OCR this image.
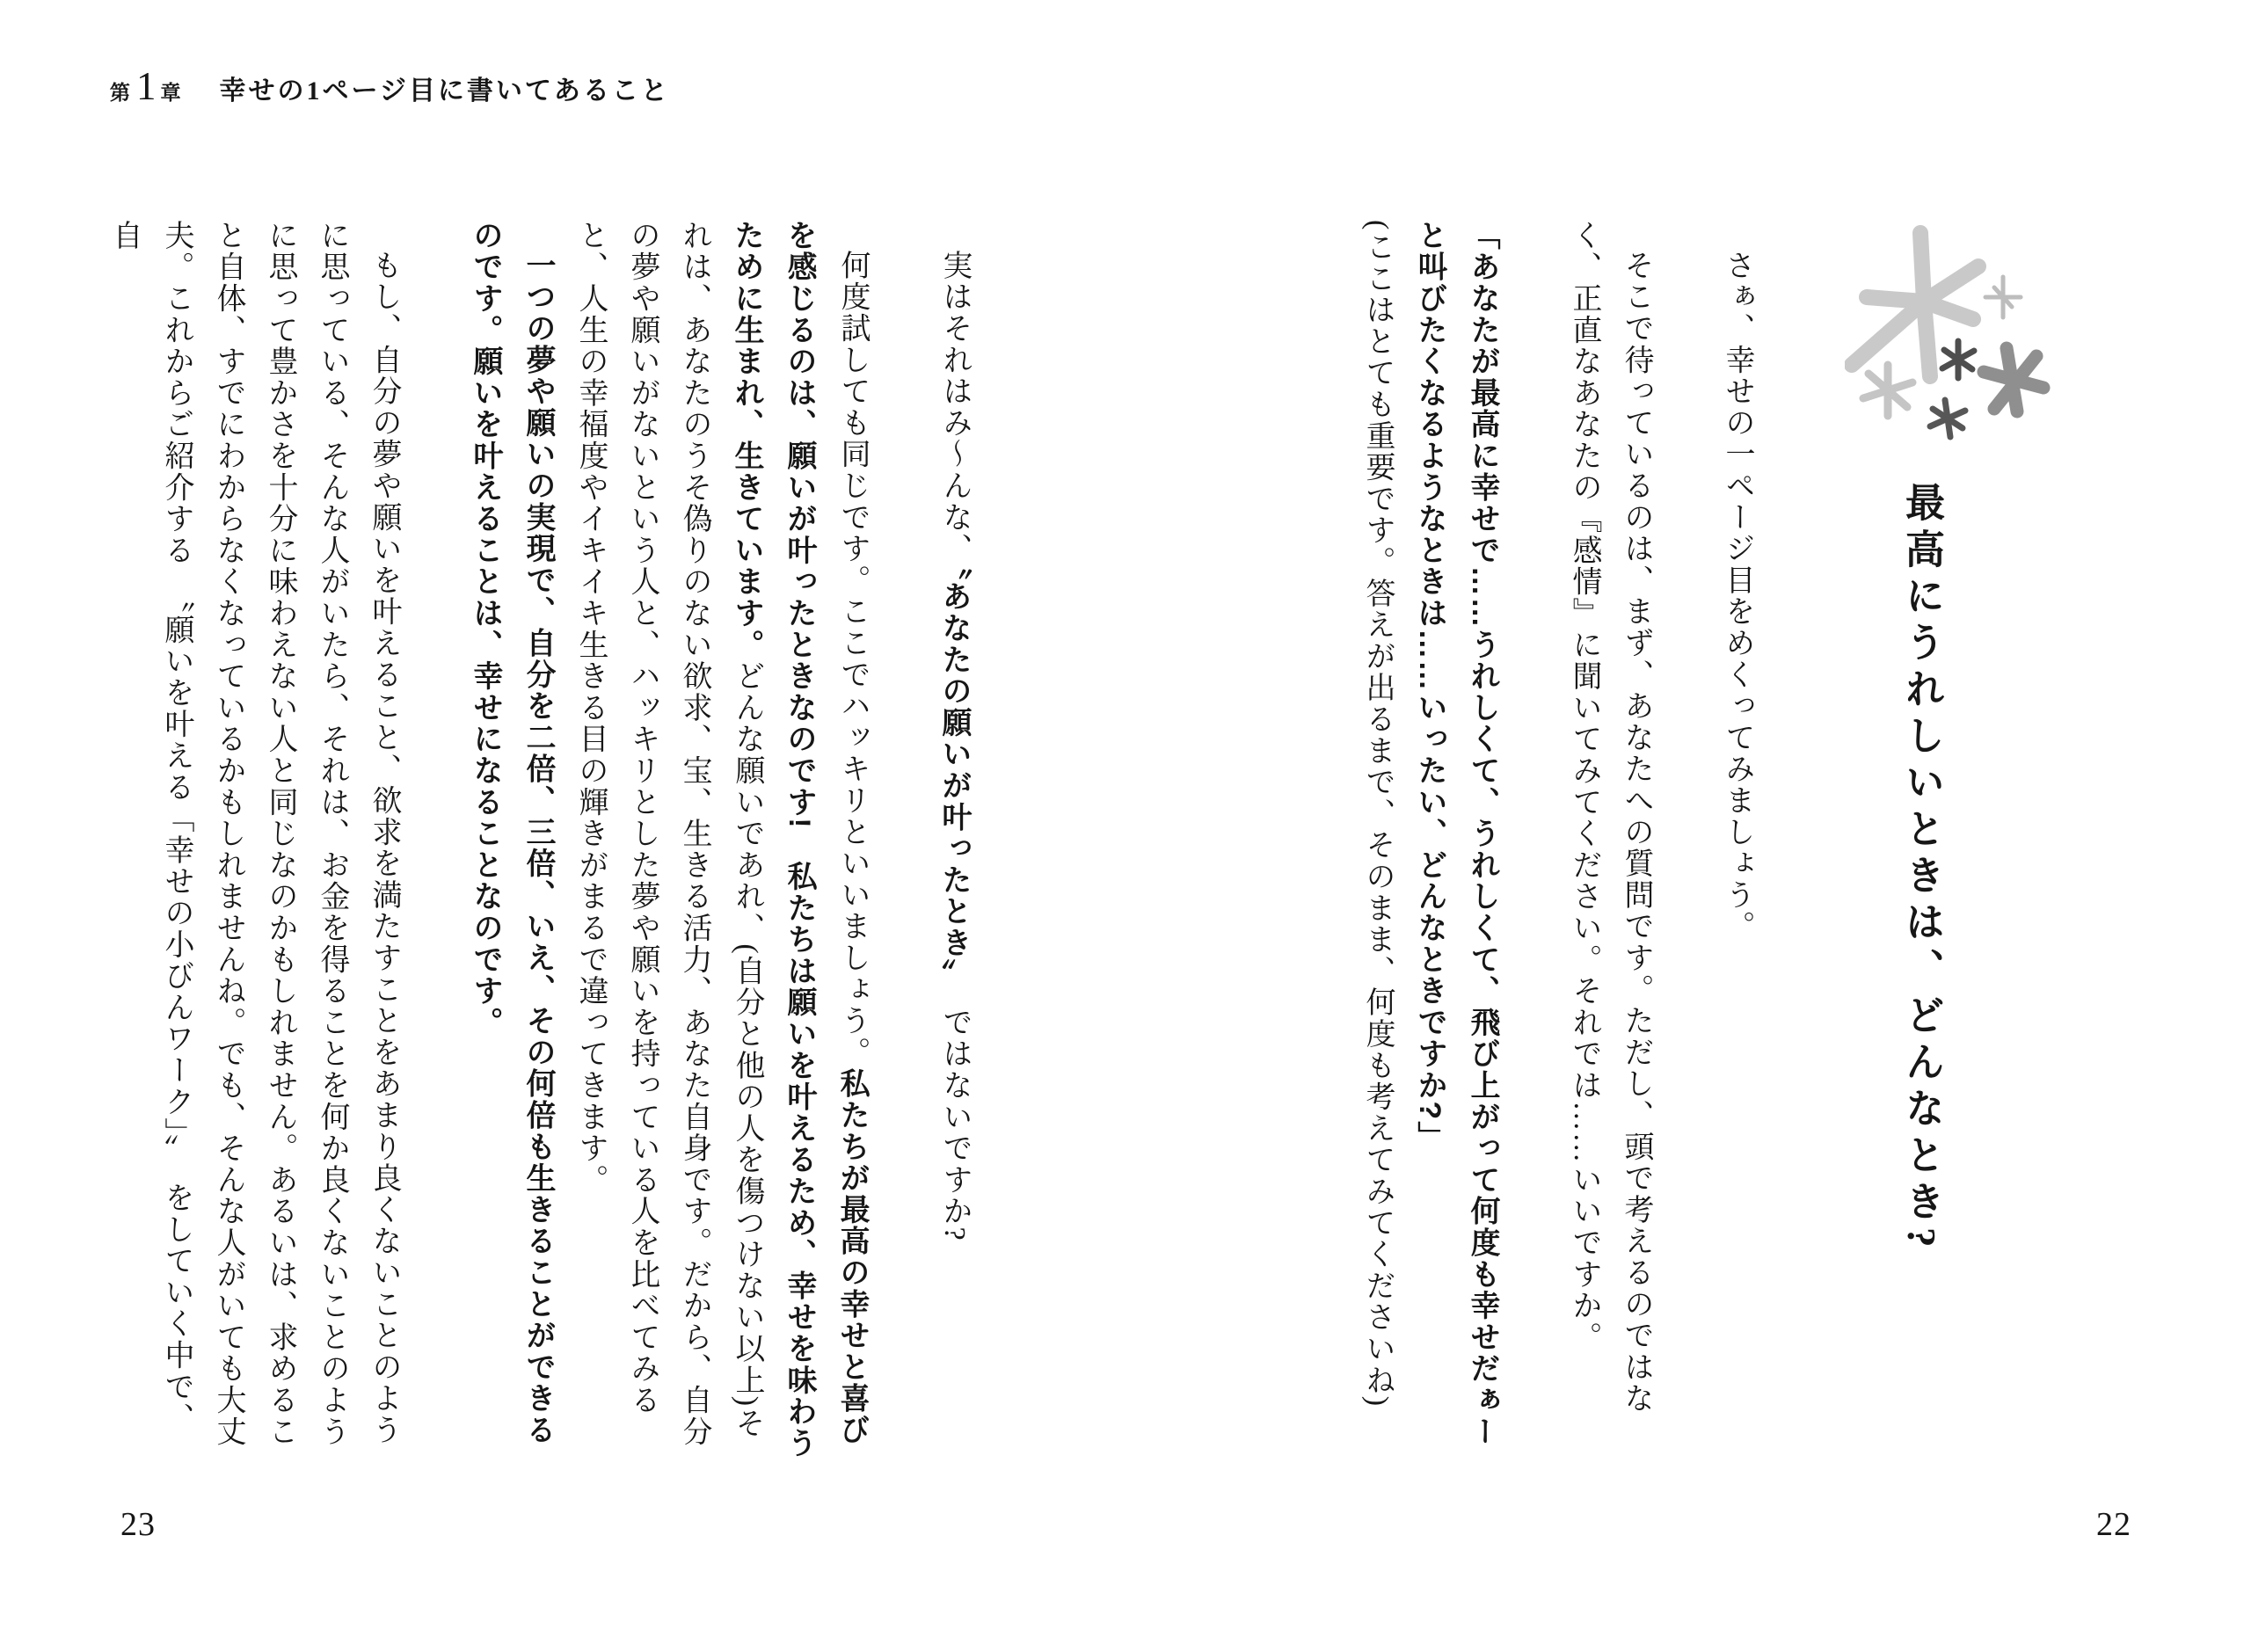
第 1 章 幸せの1ページ目に書いてあること
最高にうれしいときは、どんなとき?

さぁ、幸せの一ページ目をめくってみましょう。

そこで待っているのは、まず、あなたへの質問です。ただし、頭で考えるのではなく、正直なあなたの『感情』に聞いてみてください。それでは……いいですか。

「あなたが最高に幸せで……うれしくて、うれしくて、飛び上がって何度も幸せだぁーと叫びたくなるようなときは……いったい、どんなときですか?」

(ここはとても重要です。答えが出るまで、そのまま、何度も考えてみてくださいね)

実はそれはみ〜んな、〝あなたの願いが叶ったとき〟　ではないですか?

何度試しても同じです。ここでハッキリといいましょう。私たちが最高の幸せと喜びを感じるのは、願いが叶ったときなのです!　私たちは願いを叶えるため、幸せを味わうために生まれ、生きています。どんな願いであれ、(自分と他の人を傷つけない以上)それは、あなたのうそ偽りのない欲求、宝、生きる活力、あなた自身です。だから、自分の夢や願いがないという人と、ハッキリとした夢や願いを持っている人を比べてみると、人生の幸福度やイキイキ生きる目の輝きがまるで違ってきます。

一つの夢や願いの実現で、自分を二倍、三倍、いえ、その何倍も生きることができるのです。願いを叶えることは、幸せになることなのです。

もし、自分の夢や願いを叶えること、欲求を満たすことをあまり良くないことのように思っている、そんな人がいたら、それは、お金を得ることを何か良くないことのように思って豊かさを十分に味わえない人と同じなのかもしれません。あるいは、求めること自体、すでにわからなくなっているかもしれませんね。でも、そんな人がいても大丈夫。これからご紹介する　〝願いを叶える「幸せの小びんワーク」〟　をしていく中で、自

23	22
